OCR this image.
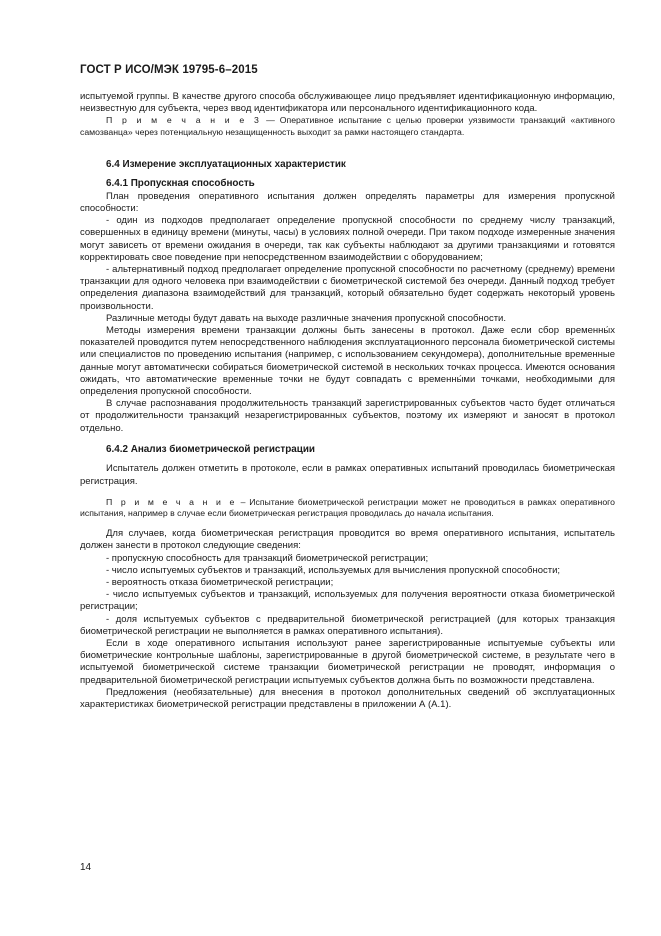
ГОСТ Р ИСО/МЭК 19795-6–2015

испытуемой группы. В качестве другого способа обслуживающее лицо предъявляет идентификационную информацию, неизвестную для субъекта, через ввод идентификатора или персонального идентификационного кода.

П р и м е ч а н и е 3 — Оперативное испытание с целью проверки уязвимости транзакций «активного самозванца» через потенциальную незащищенность выходит за рамки настоящего стандарта.

6.4 Измерение эксплуатационных характеристик
6.4.1 Пропускная способность

План проведения оперативного испытания должен определять параметры для измерения пропускной способности:

- один из подходов предполагает определение пропускной способности по среднему числу транзакций, совершенных в единицу времени (минуты, часы) в условиях полной очереди. При таком подходе измеренные значения могут зависеть от времени ожидания в очереди, так как субъекты наблюдают за другими транзакциями и готовятся корректировать свое поведение при непосредственном взаимодействии с оборудованием;

- альтернативный подход предполагает определение пропускной способности по расчетному (среднему) времени транзакции для одного человека при взаимодействии с биометрической системой без очереди. Данный подход требует определения диапазона взаимодействий для транзакций, который обязательно будет содержать некоторый уровень произвольности.

Различные методы будут давать на выходе различные значения пропускной способности.

Методы измерения времени транзакции должны быть занесены в протокол. Даже если сбор временны́х показателей проводится путем непосредственного наблюдения эксплуатационного персонала биометрической системы или специалистов по проведению испытания (например, с использованием секундомера), дополнительные временные данные могут автоматически собираться биометрической системой в нескольких точках процесса. Имеются основания ожидать, что автоматические временные точки не будут совпадать с временны́ми точками, необходимыми для определения пропускной способности.

В случае распознавания продолжительность транзакций зарегистрированных субъектов часто будет отличаться от продолжительности транзакций незарегистрированных субъектов, поэтому их измеряют и заносят в протокол отдельно.

6.4.2 Анализ биометрической регистрации

Испытатель должен отметить в протоколе, если в рамках оперативных испытаний проводилась биометрическая регистрация.

П р и м е ч а н и е – Испытание биометрической регистрации может не проводиться в рамках оперативного испытания, например в случае если биометрическая регистрация проводилась до начала испытания.

Для случаев, когда биометрическая регистрация проводится во время оперативного испытания, испытатель должен занести в протокол следующие сведения:

- пропускную способность для транзакций биометрической регистрации;

- число испытуемых субъектов и транзакций, используемых для вычисления пропускной способности;

- вероятность отказа биометрической регистрации;

- число испытуемых субъектов и транзакций, используемых для получения вероятности отказа биометрической регистрации;

- доля испытуемых субъектов с предварительной биометрической регистрацией (для которых транзакция биометрической регистрации не выполняется в рамках оперативного испытания).

Если в ходе оперативного испытания используют ранее зарегистрированные испытуемые субъекты или биометрические контрольные шаблоны, зарегистрированные в другой биометрической системе, в результате чего в испытуемой биометрической системе транзакции биометрической регистрации не проводят, информация о предварительной биометрической регистрации испытуемых субъектов должна быть по возможности представлена.

Предложения (необязательные) для внесения в протокол дополнительных сведений об эксплуатационных характеристиках биометрической регистрации представлены в приложении А (А.1).

14
